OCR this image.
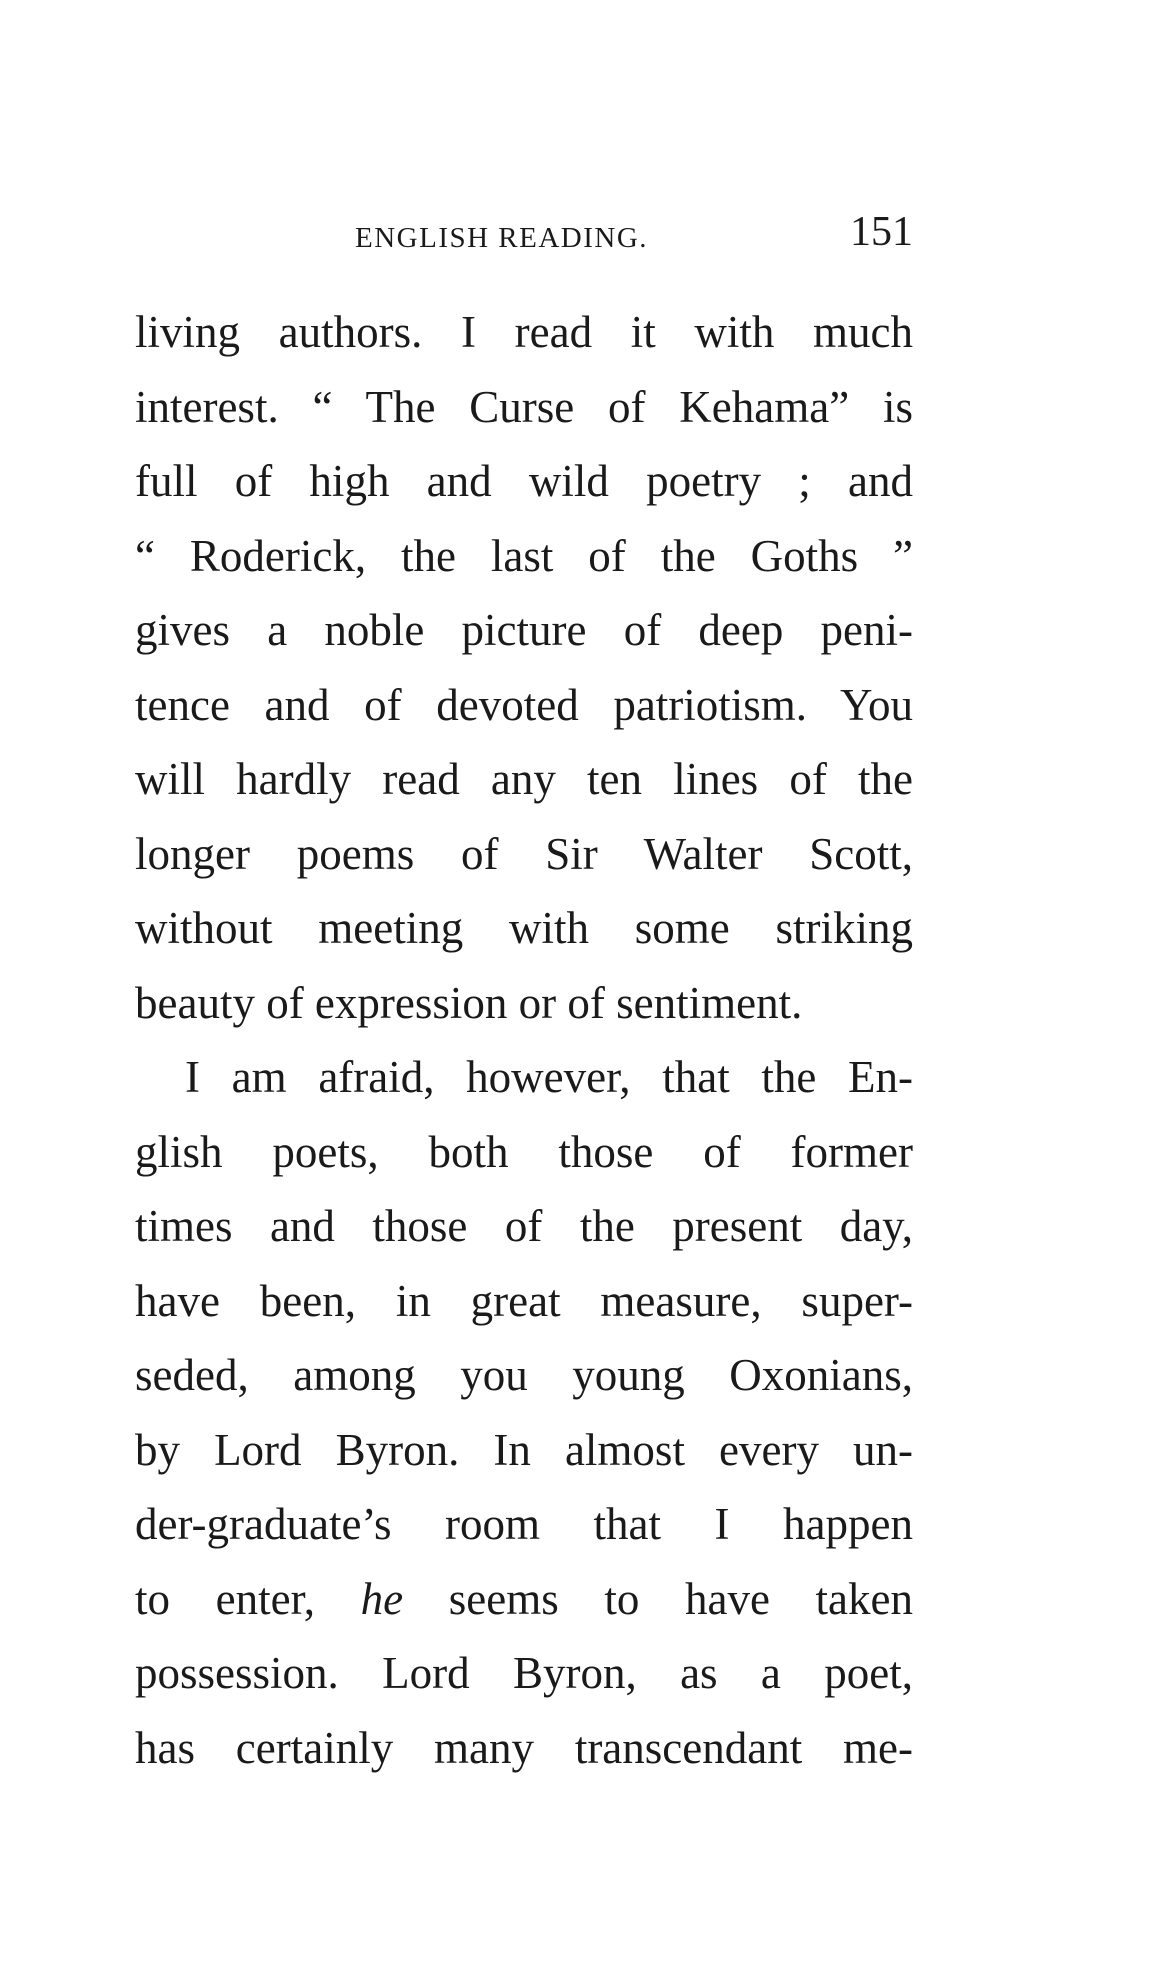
ENGLISH READING.	151
living authors. I read it with much
interest. “ The Curse of Kehama” is
full of high and wild poetry ; and
“ Roderick, the last of the Goths ”
gives a noble picture of deep peni-
tence and of devoted patriotism. You
will hardly read any ten lines of the
longer poems of Sir Walter Scott,
without meeting with some striking
beauty of expression or of sentiment.
I am afraid, however, that the En-
glish poets, both those of former
times and those of the present day,
have been, in great measure, super-
seded, among you young Oxonians,
by Lord Byron. In almost every un-
der-graduate’s room that I happen
to enter, he seems to have taken
possession. Lord Byron, as a poet,
has certainly many transcendant me-
